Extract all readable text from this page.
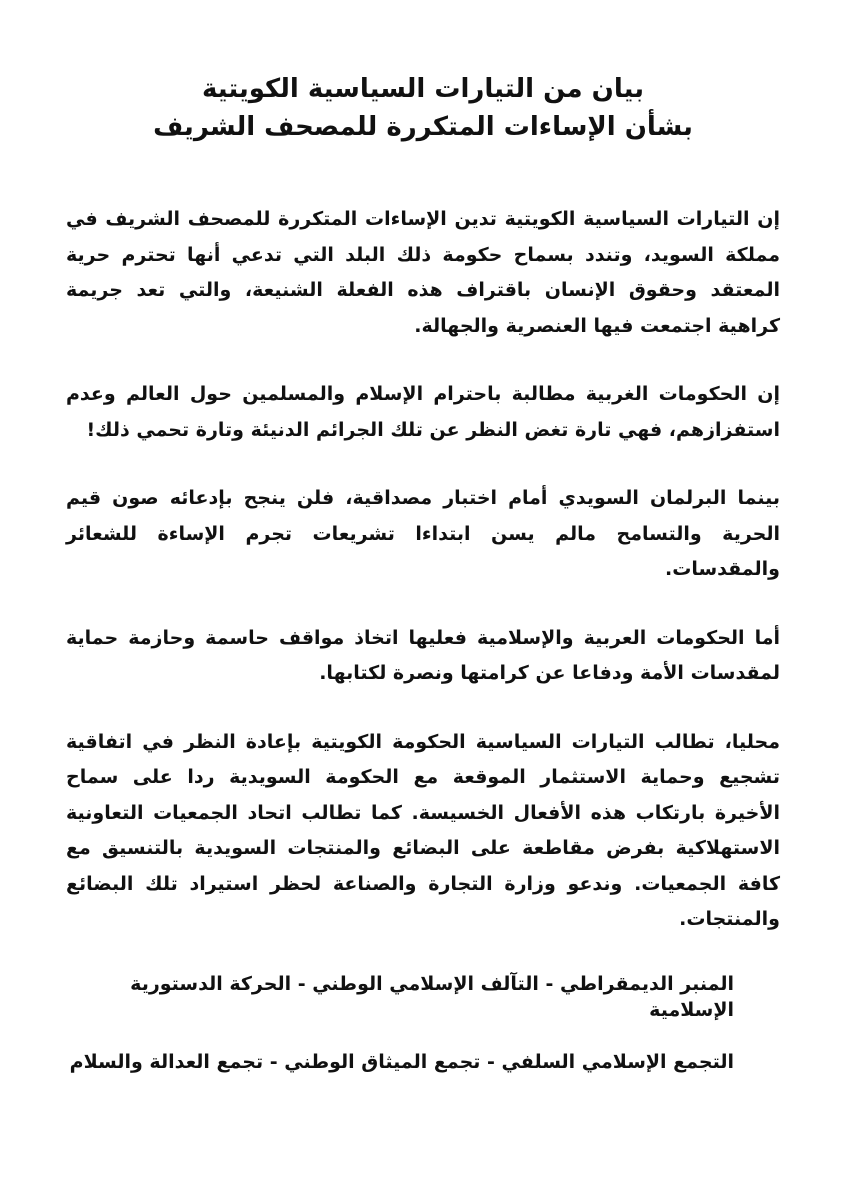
بيان من التيارات السياسية الكويتية
بشأن الإساءات المتكررة للمصحف الشريف

إن التيارات السياسية الكويتية تدين الإساءات المتكررة للمصحف الشريف في مملكة السويد، وتندد بسماح حكومة ذلك البلد التي تدعي أنها تحترم حرية المعتقد وحقوق الإنسان باقتراف هذه الفعلة الشنيعة، والتي تعد جريمة كراهية اجتمعت فيها العنصرية والجهالة.

إن الحكومات الغربية مطالبة باحترام الإسلام والمسلمين حول العالم وعدم استفزازهم، فهي تارة تغض النظر عن تلك الجرائم الدنيئة وتارة تحمي ذلك!

بينما البرلمان السويدي أمام اختبار مصداقية، فلن ينجح بإدعائه صون قيم الحرية والتسامح مالم يسن ابتداءا تشريعات تجرم الإساءة للشعائر والمقدسات.

أما الحكومات العربية والإسلامية فعليها اتخاذ مواقف حاسمة وحازمة حماية لمقدسات الأمة ودفاعا عن كرامتها ونصرة لكتابها.

محليا، تطالب التيارات السياسية الحكومة الكويتية بإعادة النظر في اتفاقية تشجيع وحماية الاستثمار الموقعة مع الحكومة السويدية ردا على سماح الأخيرة بارتكاب هذه الأفعال الخسيسة. كما تطالب اتحاد الجمعيات التعاونية الاستهلاكية بفرض مقاطعة على البضائع والمنتجات السويدية بالتنسيق مع كافة الجمعيات. وندعو وزارة التجارة والصناعة لحظر استيراد تلك البضائع والمنتجات.

المنبر الديمقراطي - التآلف الإسلامي الوطني - الحركة الدستورية الإسلامية
التجمع الإسلامي السلفي - تجمع الميثاق الوطني - تجمع العدالة والسلام
